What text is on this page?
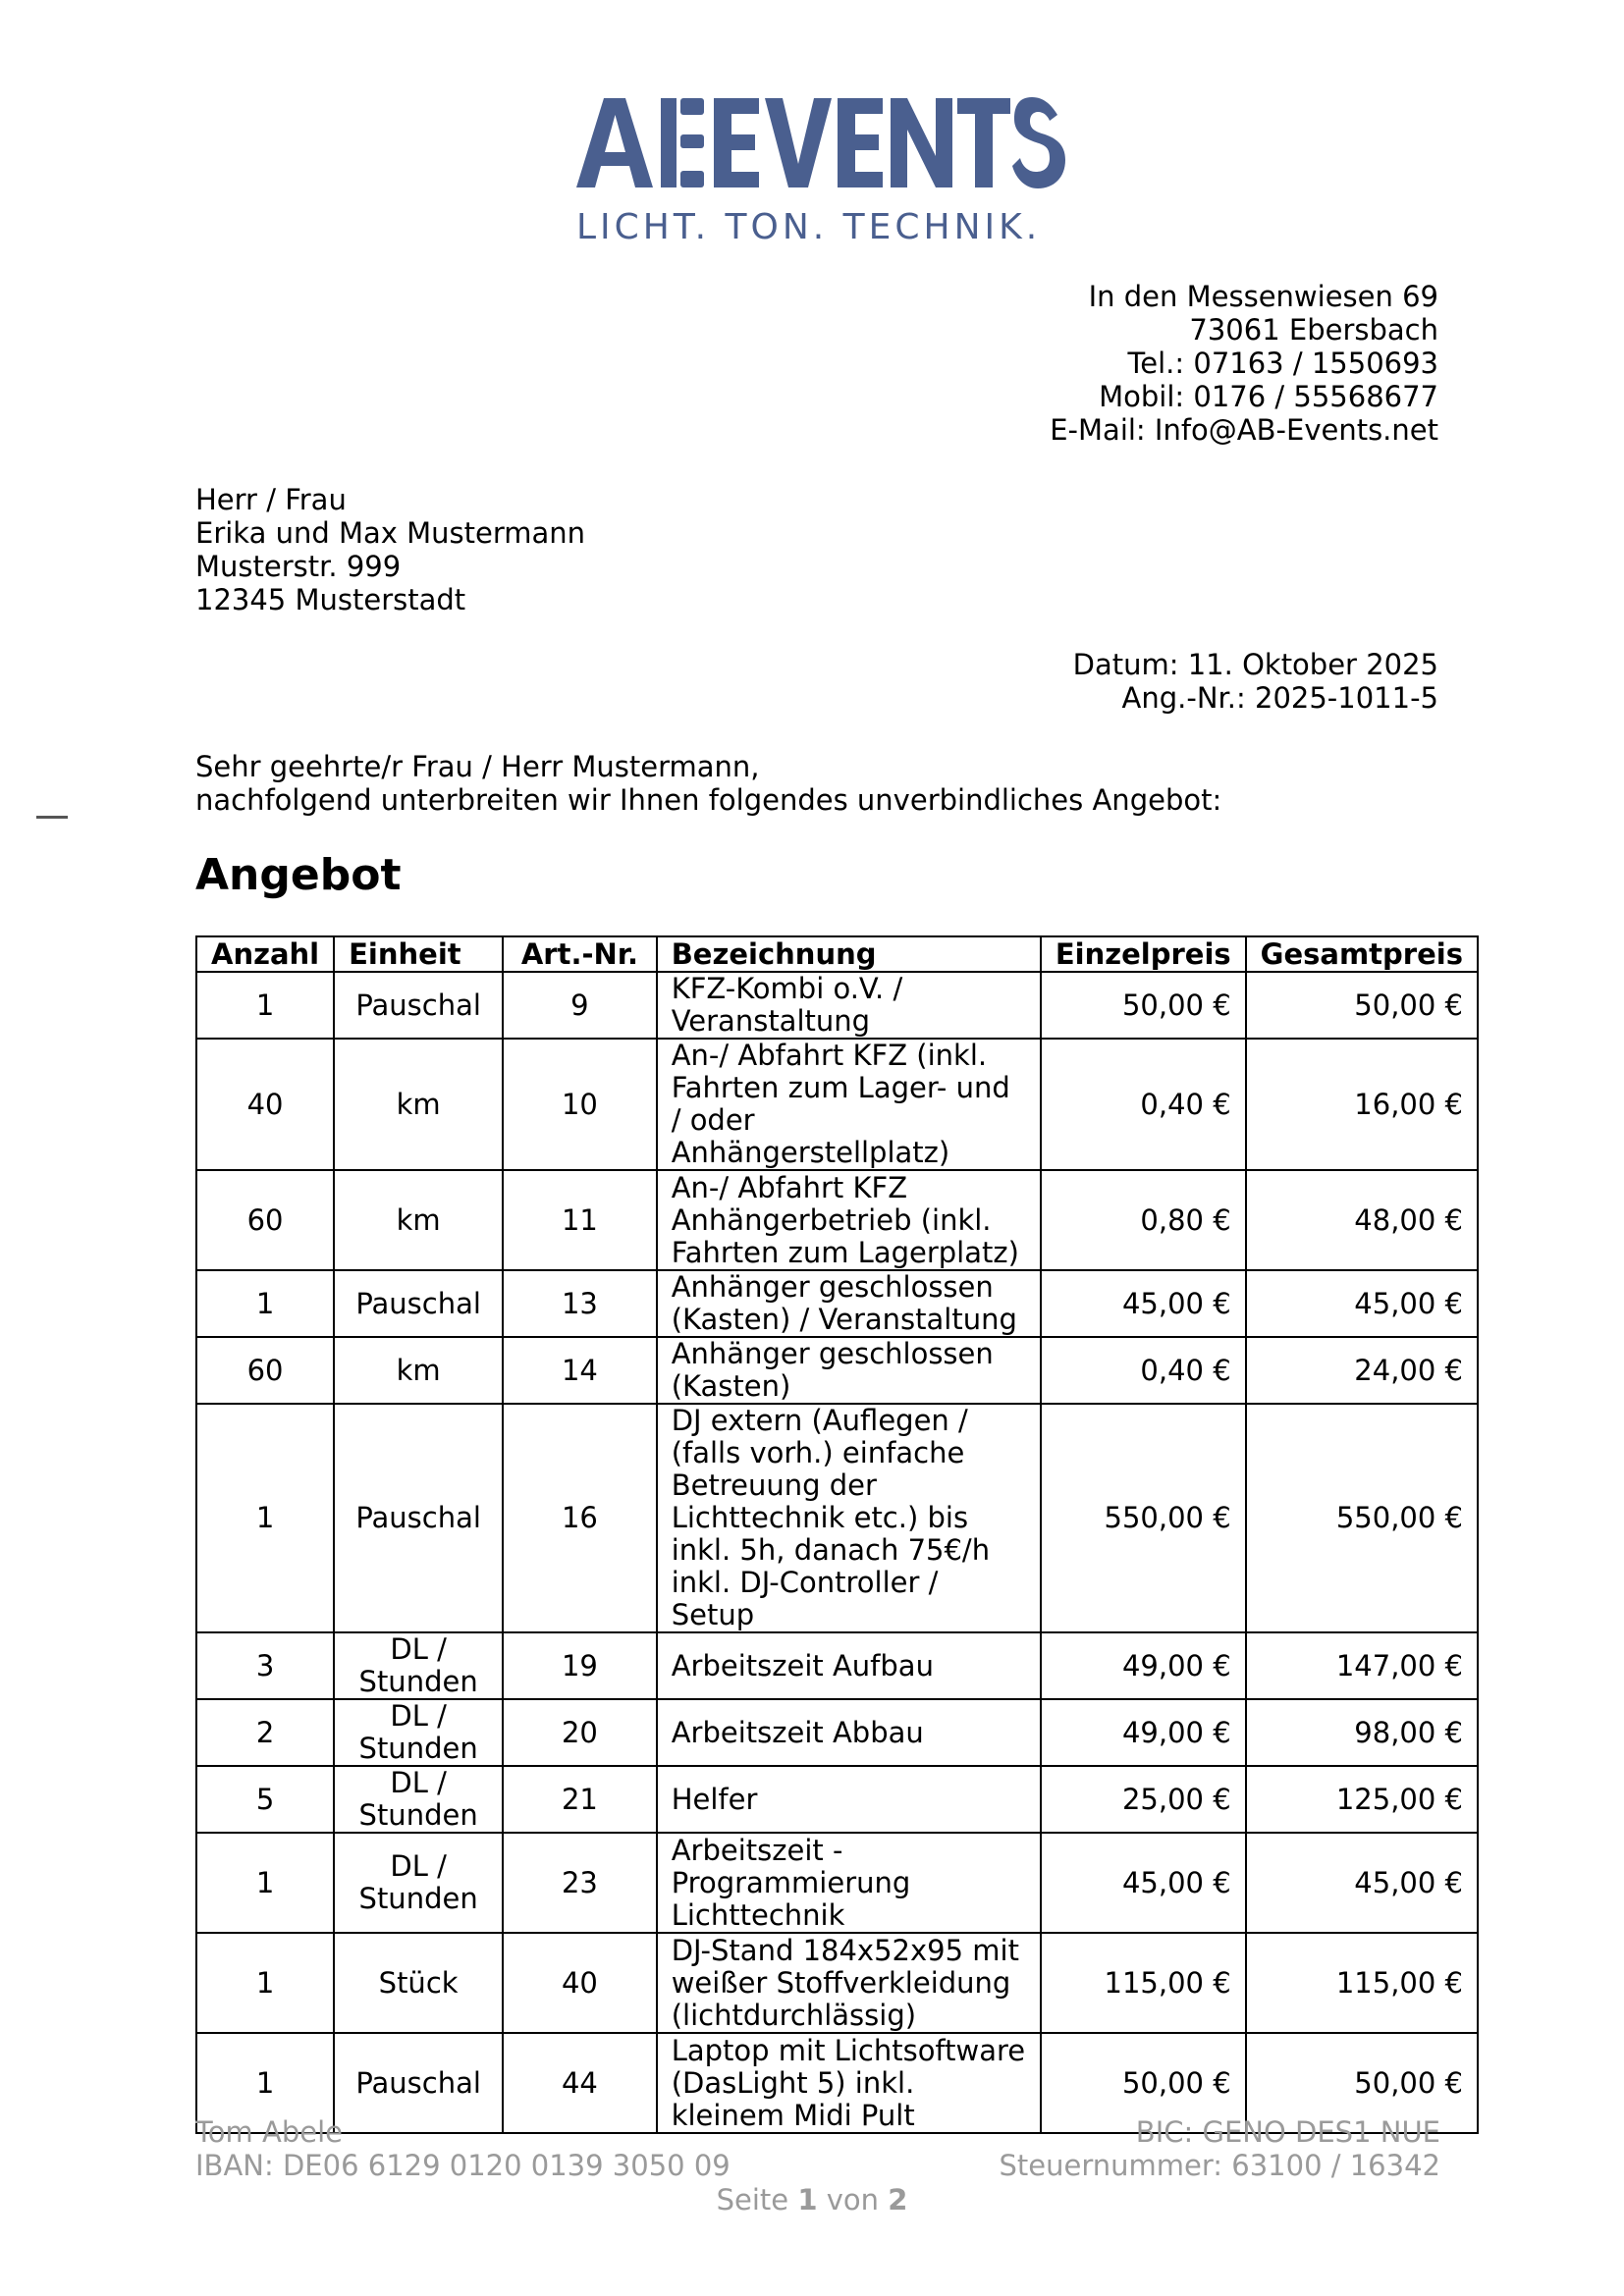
LICHT. TON. TECHNIK.
In den Messenwiesen 69
73061 Ebersbach
Tel.: 07163 / 1550693
Mobil: 0176 / 55568677
E-Mail: Info@AB-Events.net
Herr / Frau
Erika und Max Mustermann
Musterstr. 999
12345 Musterstadt
Datum: 11. Oktober 2025
Ang.-Nr.: 2025-1011-5
Sehr geehrte/r Frau / Herr Mustermann,
nachfolgend unterbreiten wir Ihnen folgendes unverbindliches Angebot:
Angebot
Anzahl	Einheit	Art.-Nr.	Bezeichnung	Einzelpreis	Gesamtpreis
1	Pauschal	9	KFZ-Kombi o.V. / Veranstaltung	50,00 €	50,00 €
40	km	10	An-/ Abfahrt KFZ (inkl. Fahrten zum Lager- und / oder Anhängerstellplatz)	0,40 €	16,00 €
60	km	11	An-/ Abfahrt KFZ Anhängerbetrieb (inkl. Fahrten zum Lagerplatz)	0,80 €	48,00 €
1	Pauschal	13	Anhänger geschlossen (Kasten) / Veranstaltung	45,00 €	45,00 €
60	km	14	Anhänger geschlossen (Kasten)	0,40 €	24,00 €
1	Pauschal	16	DJ extern (Auflegen / (falls vorh.) einfache Betreuung der Lichttechnik etc.) bis inkl. 5h, danach 75€/h inkl. DJ-Controller / Setup	550,00 €	550,00 €
3	DL / Stunden	19	Arbeitszeit Aufbau	49,00 €	147,00 €
2	DL / Stunden	20	Arbeitszeit Abbau	49,00 €	98,00 €
5	DL / Stunden	21	Helfer	25,00 €	125,00 €
1	DL / Stunden	23	Arbeitszeit - Programmierung Lichttechnik	45,00 €	45,00 €
1	Stück	40	DJ-Stand 184x52x95 mit weißer Stoffverkleidung (lichtdurchlässig)	115,00 €	115,00 €
1	Pauschal	44	Laptop mit Lichtsoftware (DasLight 5) inkl. kleinem Midi Pult	50,00 €	50,00 €
Tom Abele
IBAN: DE06 6129 0120 0139 3050 09
BIC: GENO DES1 NUE
Steuernummer: 63100 / 16342
Seite 1 von 2
